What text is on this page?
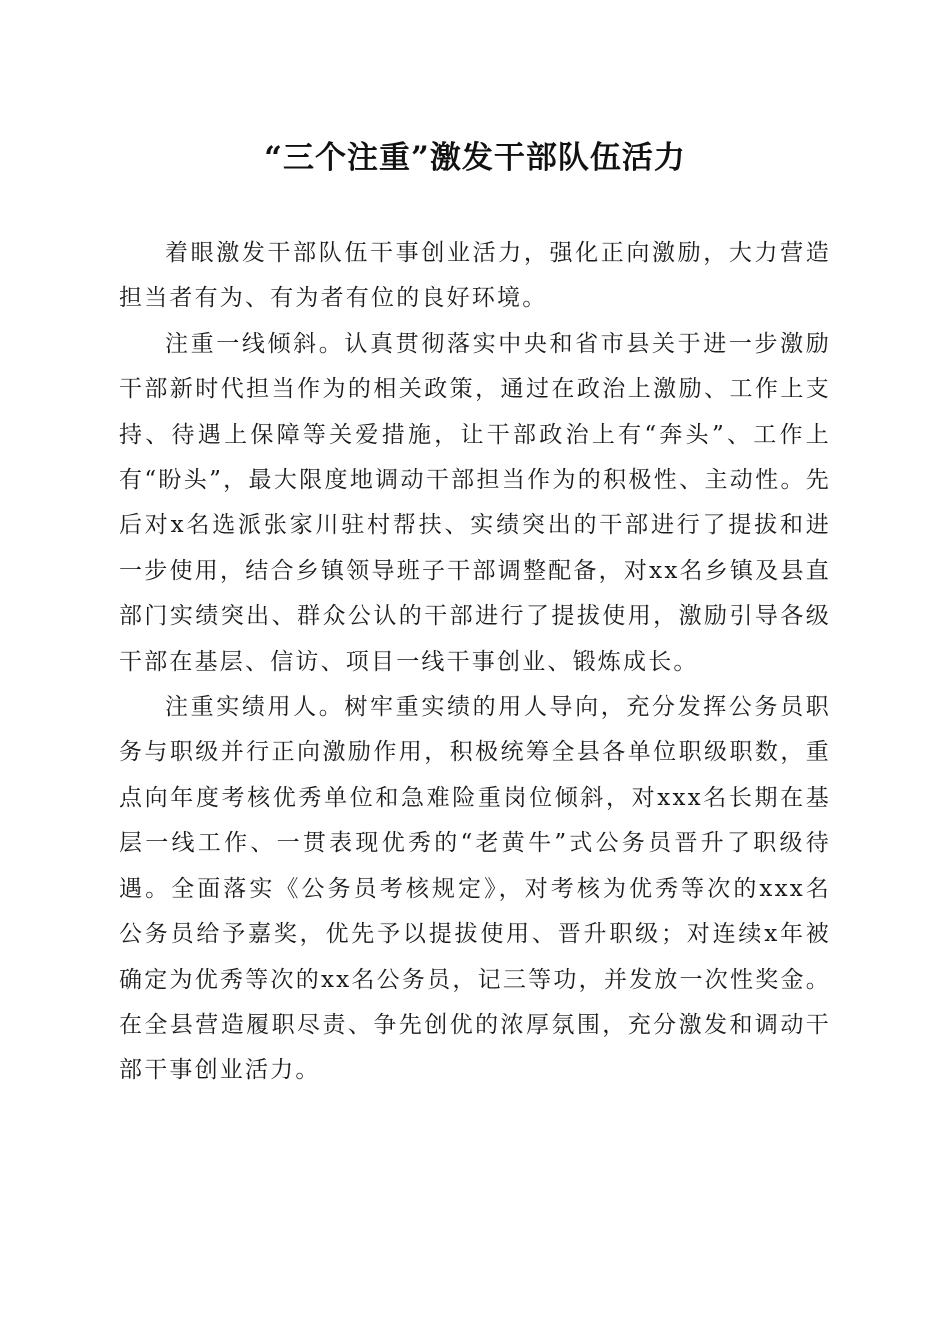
“三个注重”激发干部队伍活力

着眼激发干部队伍干事创业活力，强化正向激励，大力营造担当者有为、有为者有位的良好环境。

注重一线倾斜。认真贯彻落实中央和省市县关于进一步激励干部新时代担当作为的相关政策，通过在政治上激励、工作上支持、待遇上保障等关爱措施，让干部政治上有“奔头”、工作上有“盼头”，最大限度地调动干部担当作为的积极性、主动性。先后对x名选派张家川驻村帮扶、实绩突出的干部进行了提拔和进一步使用，结合乡镇领导班子干部调整配备，对xx名乡镇及县直部门实绩突出、群众公认的干部进行了提拔使用，激励引导各级干部在基层、信访、项目一线干事创业、锻炼成长。

注重实绩用人。树牢重实绩的用人导向，充分发挥公务员职务与职级并行正向激励作用，积极统筹全县各单位职级职数，重点向年度考核优秀单位和急难险重岗位倾斜，对xxx名长期在基层一线工作、一贯表现优秀的“老黄牛”式公务员晋升了职级待遇。全面落实《公务员考核规定》，对考核为优秀等次的xxx名公务员给予嘉奖，优先予以提拔使用、晋升职级；对连续x年被确定为优秀等次的xx名公务员，记三等功，并发放一次性奖金。在全县营造履职尽责、争先创优的浓厚氛围，充分激发和调动干部干事创业活力。
